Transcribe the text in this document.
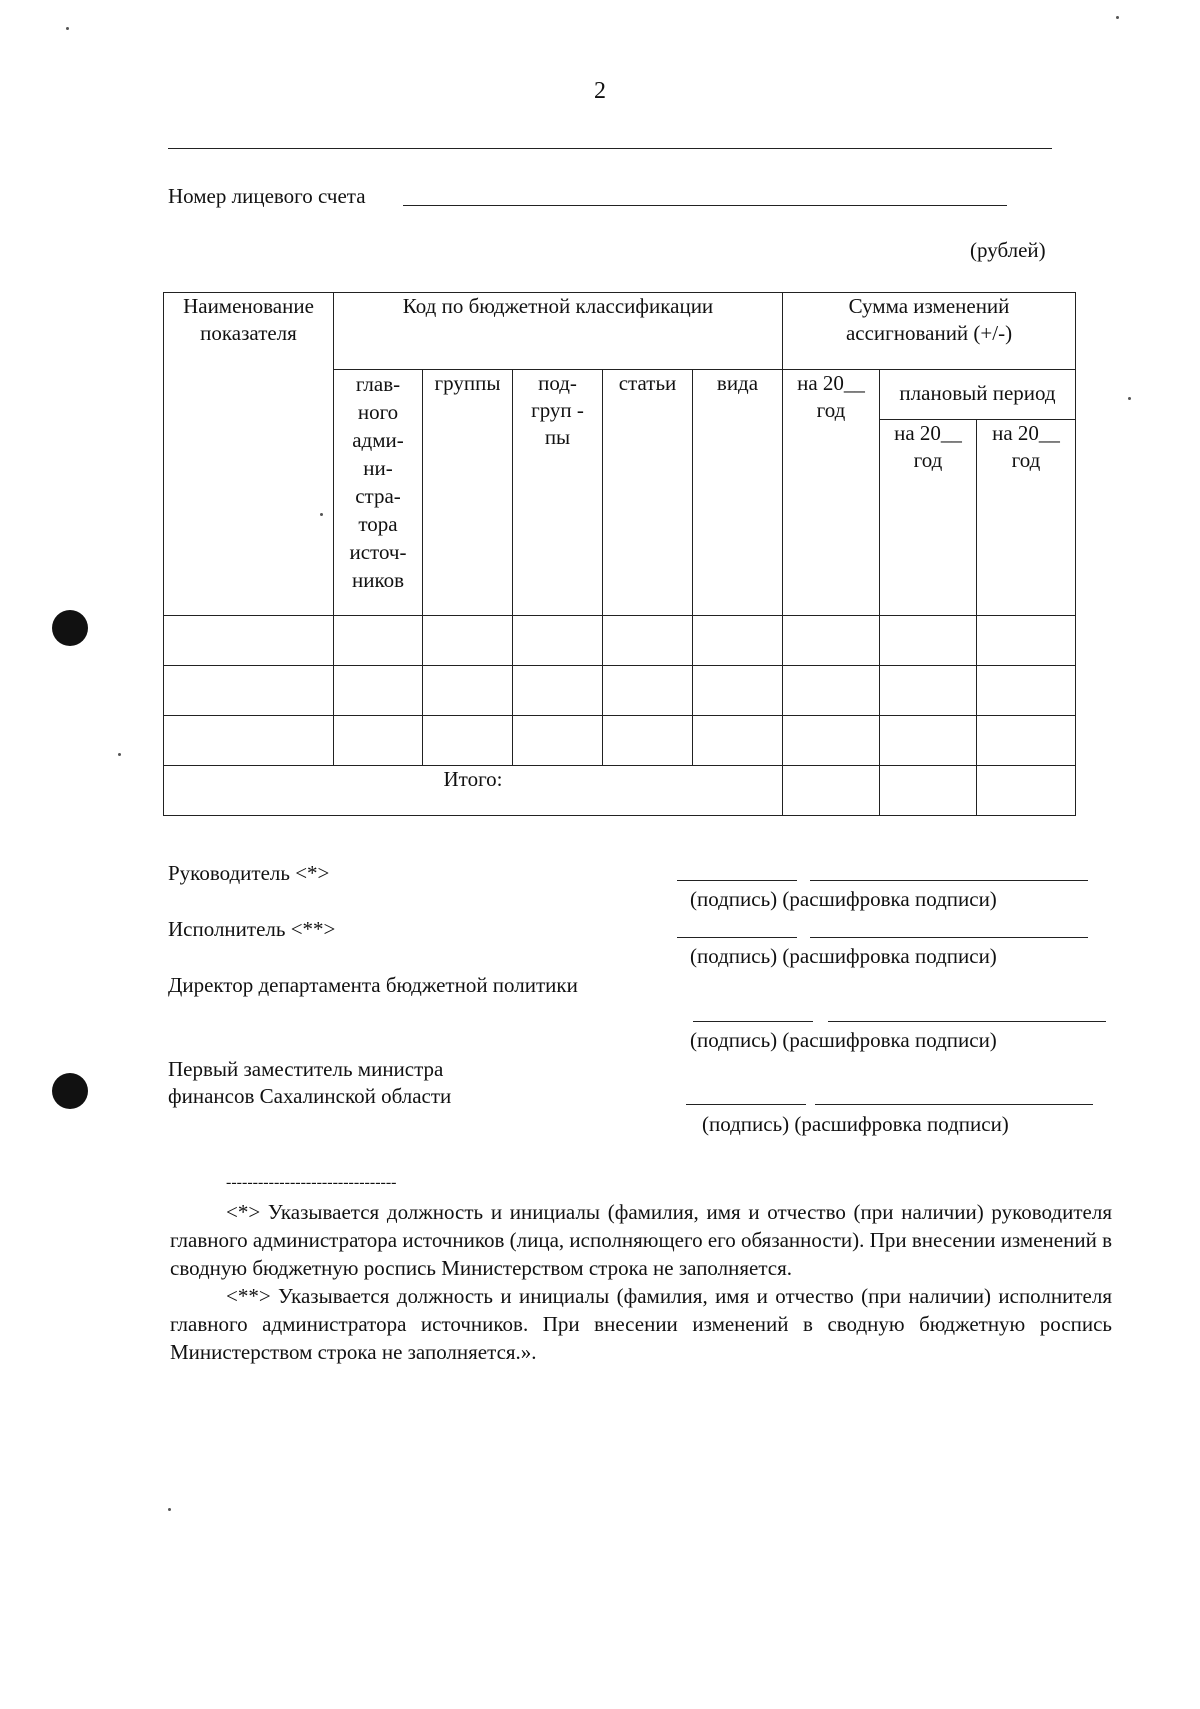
2
Номер лицевого счета
(рублей)
Наименование показателя	Код по бюджетной классификации					Сумма изменений ассигнований (+/-)		
	глав- ного адми- ни- стра- тора источ- ников	группы	под- груп - пы	статьи	вида	на 20__ год	плановый период	
							на 20__ год	на 20__ год

Итого:								
Руководитель <*>
(подпись) (расшифровка подписи)
Исполнитель <**>
(подпись) (расшифровка подписи)
Директор департамента бюджетной политики
(подпись) (расшифровка подписи)
Первый заместитель министра
финансов Сахалинской области
(подпись) (расшифровка подписи)
--------------------------------

<*> Указывается должность и инициалы (фамилия, имя и отчество (при наличии) руководителя главного администратора источников (лица, исполняющего его обязанности). При внесении изменений в сводную бюджетную роспись Министерством строка не заполняется.

<**> Указывается должность и инициалы (фамилия, имя и отчество (при наличии) исполнителя главного администратора источников. При внесении изменений в сводную бюджетную роспись Министерством строка не заполняется.».
